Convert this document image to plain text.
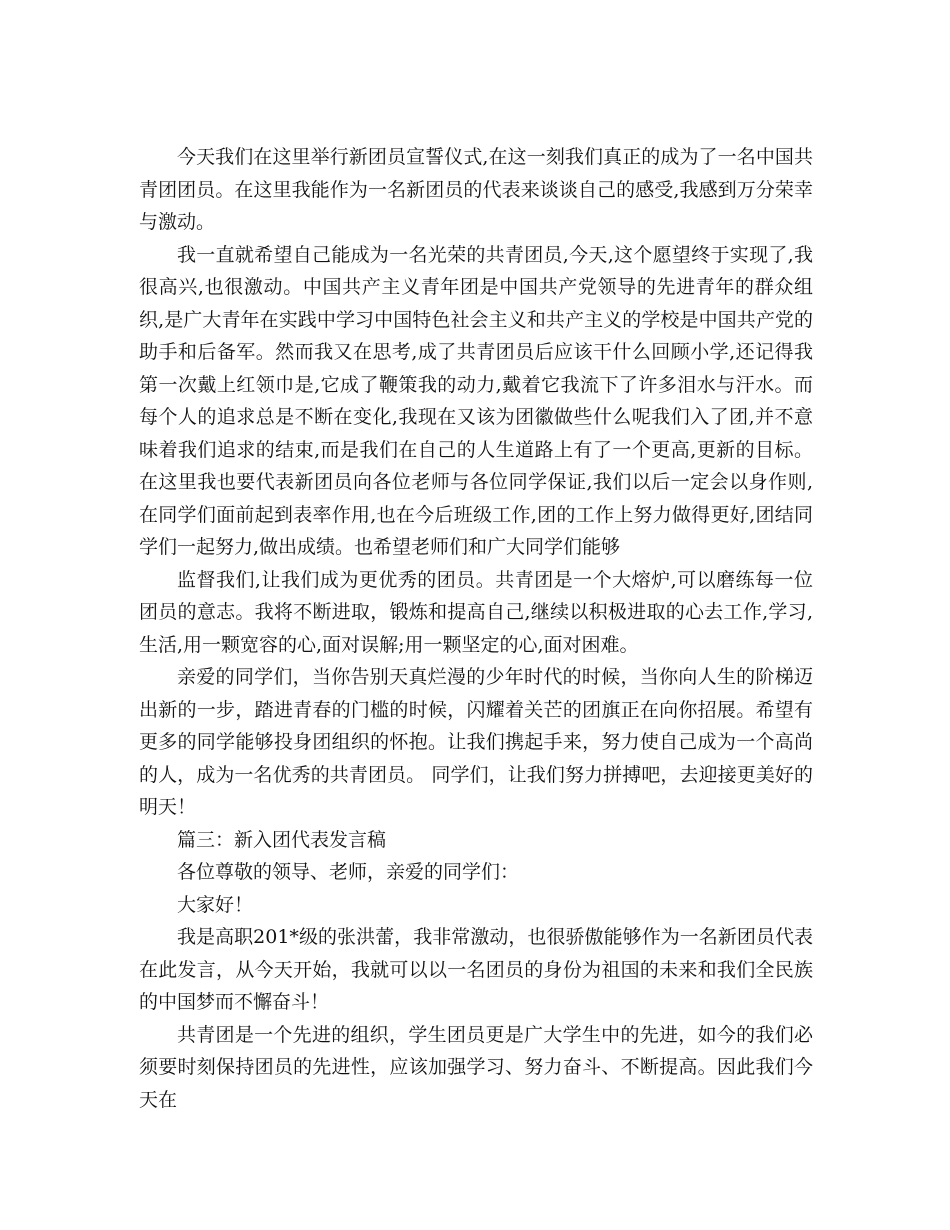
今天我们在这里举行新团员宣誓仪式,在这一刻我们真正的成为了一名中国共青团团员。在这里我能作为一名新团员的代表来谈谈自己的感受,我感到万分荣幸与激动。

我一直就希望自己能成为一名光荣的共青团员,今天,这个愿望终于实现了,我很高兴,也很激动。中国共产主义青年团是中国共产党领导的先进青年的群众组织,是广大青年在实践中学习中国特色社会主义和共产主义的学校是中国共产党的助手和后备军。然而我又在思考,成了共青团员后应该干什么回顾小学,还记得我第一次戴上红领巾是,它成了鞭策我的动力,戴着它我流下了许多泪水与汗水。而每个人的追求总是不断在变化,我现在又该为团徽做些什么呢我们入了团,并不意味着我们追求的结束,而是我们在自己的人生道路上有了一个更高,更新的目标。在这里我也要代表新团员向各位老师与各位同学保证,我们以后一定会以身作则,在同学们面前起到表率作用,也在今后班级工作,团的工作上努力做得更好,团结同学们一起努力,做出成绩。也希望老师们和广大同学们能够

监督我们,让我们成为更优秀的团员。共青团是一个大熔炉,可以磨练每一位团员的意志。我将不断进取，锻炼和提高自己,继续以积极进取的心去工作,学习,生活,用一颗宽容的心,面对误解;用一颗坚定的心,面对困难。

亲爱的同学们，当你告别天真烂漫的少年时代的时候，当你向人生的阶梯迈出新的一步，踏进青春的门槛的时候，闪耀着关芒的团旗正在向你招展。希望有更多的同学能够投身团组织的怀抱。让我们携起手来，努力使自己成为一个高尚的人，成为一名优秀的共青团员。 同学们，让我们努力拼搏吧，去迎接更美好的明天！

篇三：新入团代表发言稿

各位尊敬的领导、老师，亲爱的同学们：

大家好！

我是高职201*级的张洪蕾，我非常激动，也很骄傲能够作为一名新团员代表在此发言，从今天开始，我就可以以一名团员的身份为祖国的未来和我们全民族的中国梦而不懈奋斗！

共青团是一个先进的组织，学生团员更是广大学生中的先进，如今的我们必须要时刻保持团员的先进性，应该加强学习、努力奋斗、不断提高。因此我们今天在
